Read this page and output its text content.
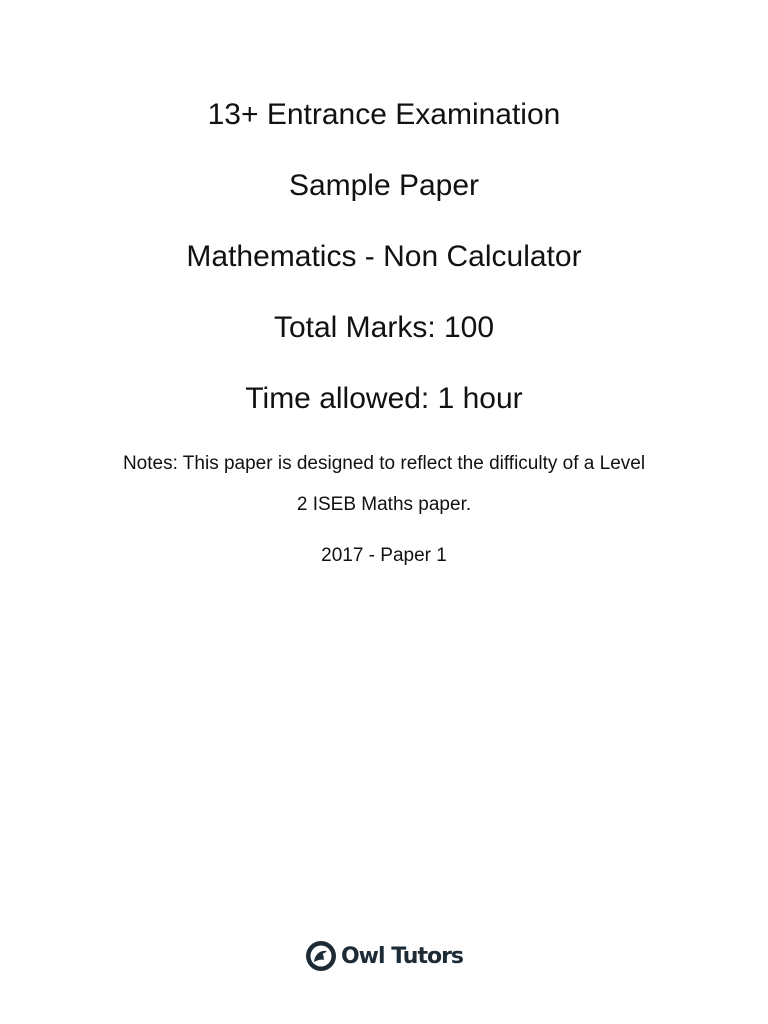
13+ Entrance Examination
Sample Paper
Mathematics - Non Calculator
Total Marks: 100
Time allowed: 1 hour
Notes: This paper is designed to reflect the difficulty of a Level
2 ISEB Maths paper.
2017 - Paper 1
Owl Tutors
